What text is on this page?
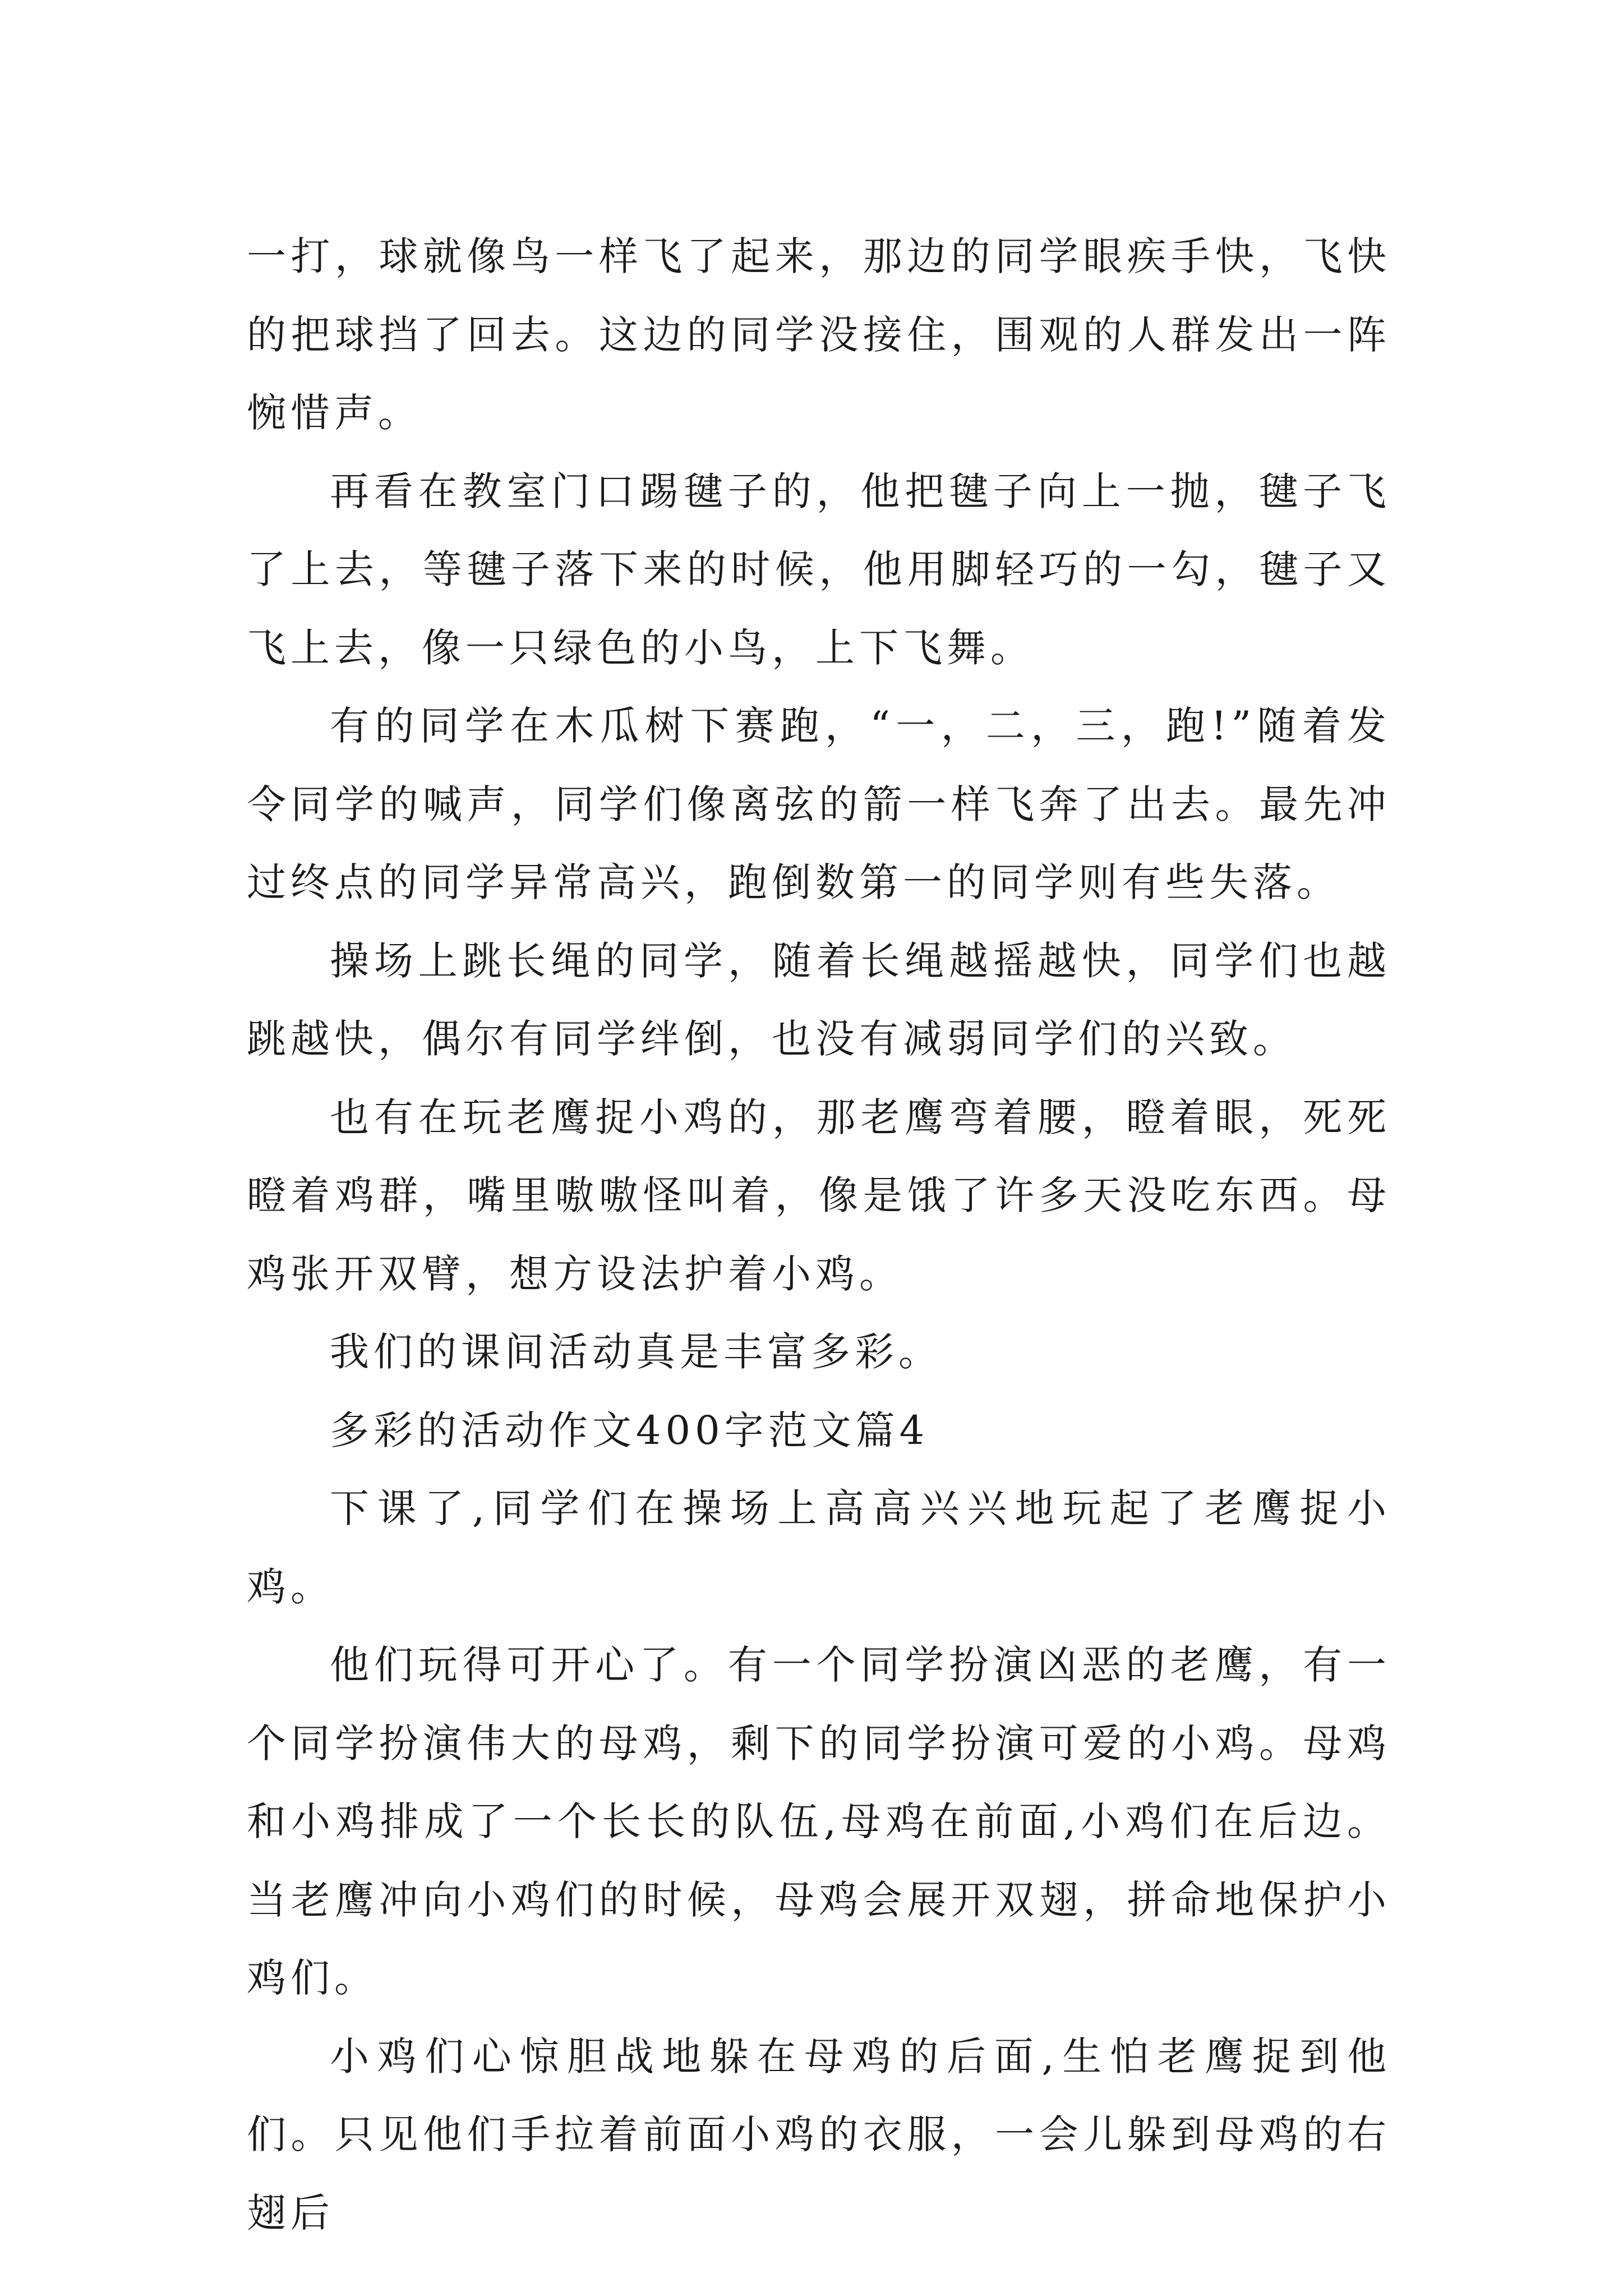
一打，球就像鸟一样飞了起来，那边的同学眼疾手快，飞快的把球挡了回去。这边的同学没接住，围观的人群发出一阵惋惜声。

再看在教室门口踢毽子的，他把毽子向上一抛，毽子飞了上去，等毽子落下来的时候，他用脚轻巧的一勾，毽子又飞上去，像一只绿色的小鸟，上下飞舞。

有的同学在木瓜树下赛跑，“一，二，三，跑!”随着发令同学的喊声，同学们像离弦的箭一样飞奔了出去。最先冲过终点的同学异常高兴，跑倒数第一的同学则有些失落。

操场上跳长绳的同学，随着长绳越摇越快，同学们也越跳越快，偶尔有同学绊倒，也没有减弱同学们的兴致。

也有在玩老鹰捉小鸡的，那老鹰弯着腰，瞪着眼，死死瞪着鸡群，嘴里嗷嗷怪叫着，像是饿了许多天没吃东西。母鸡张开双臂，想方设法护着小鸡。

我们的课间活动真是丰富多彩。

多彩的活动作文400字范文篇4

下课了,同学们在操场上高高兴兴地玩起了老鹰捉小鸡。

他们玩得可开心了。有一个同学扮演凶恶的老鹰，有一个同学扮演伟大的母鸡，剩下的同学扮演可爱的小鸡。母鸡和小鸡排成了一个长长的队伍,母鸡在前面,小鸡们在后边。当老鹰冲向小鸡们的时候，母鸡会展开双翅，拼命地保护小鸡们。

小鸡们心惊胆战地躲在母鸡的后面,生怕老鹰捉到他们。只见他们手拉着前面小鸡的衣服，一会儿躲到母鸡的右翅后
